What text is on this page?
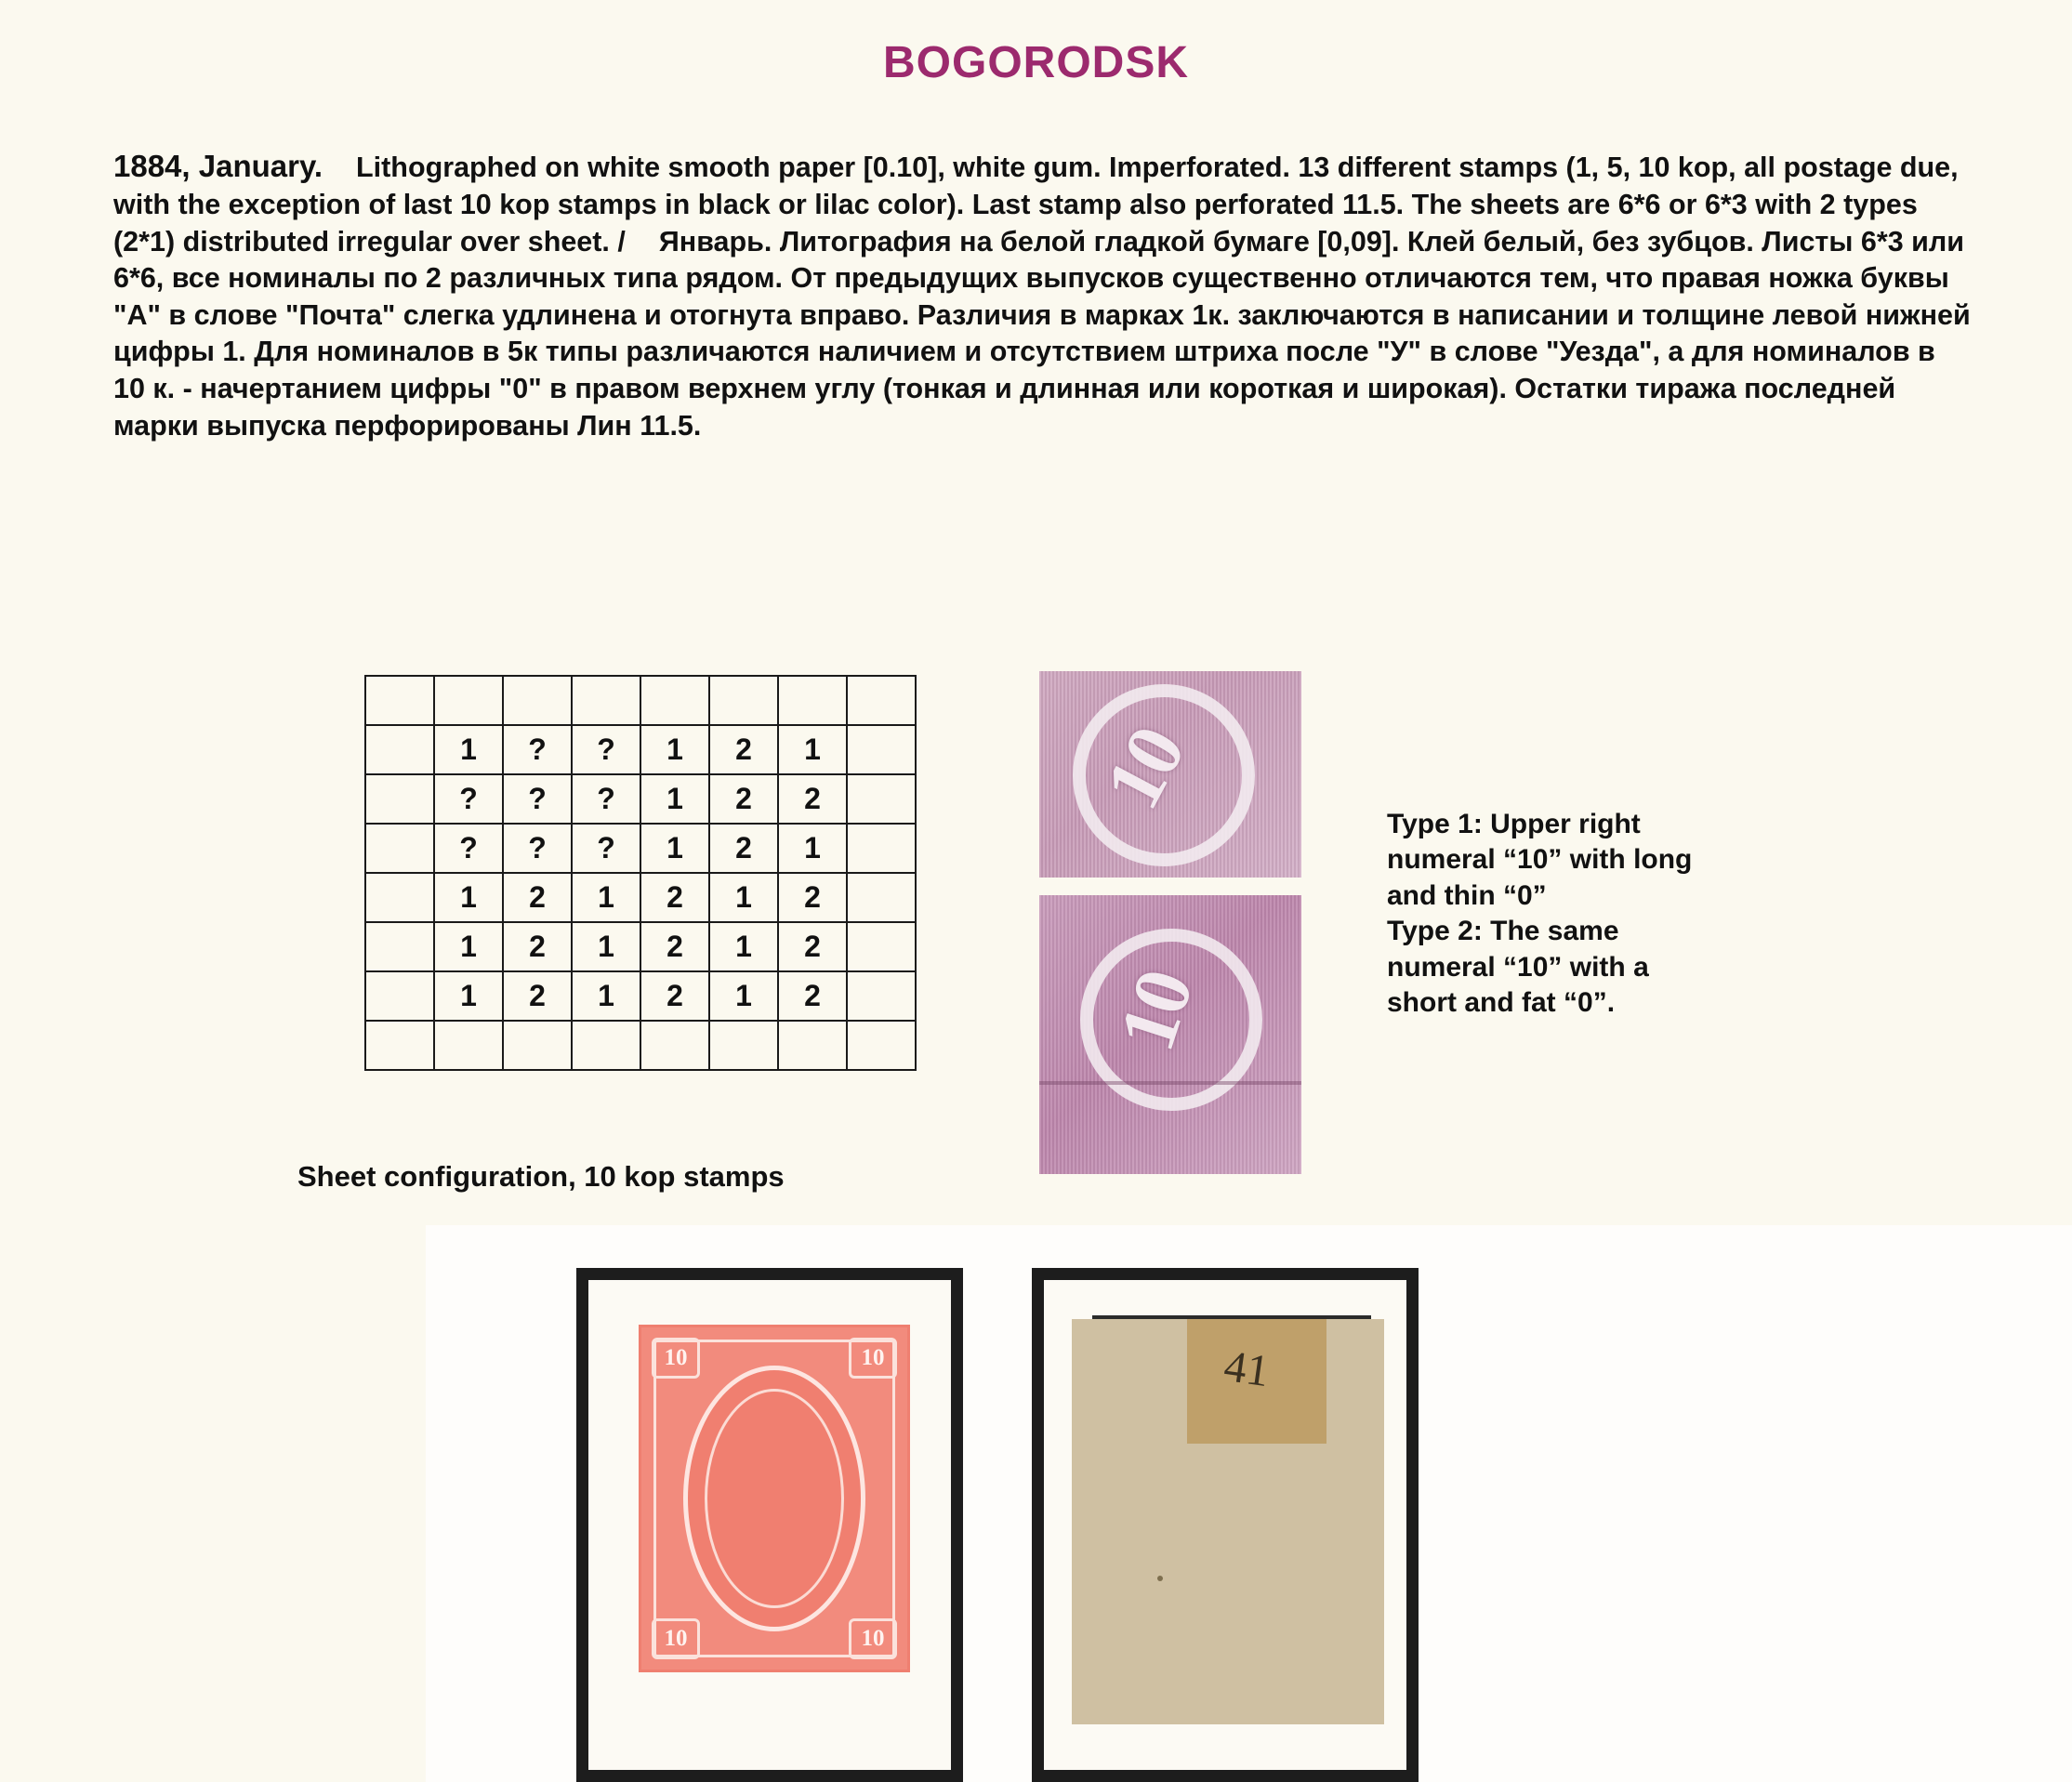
BOGORODSK
1884, January. Lithographed on white smooth paper [0.10], white gum. Imperforated. 13 different stamps (1, 5, 10 kop, all postage due, with the exception of last 10 kop stamps in black or lilac color). Last stamp also perforated 11.5. The sheets are 6*6 or 6*3 with 2 types (2*1) distributed irregular over sheet. / Январь. Литография на белой гладкой бумаге [0,09]. Клей белый, без зубцов. Листы 6*3 или 6*6, все номиналы по 2 различных типа рядом. От предыдущих выпусков существенно отличаются тем, что правая ножка буквы "А" в слове "Почта" слегка удлинена и отогнута вправо. Различия в марках 1к. заключаются в написании и толщине левой нижней цифры 1. Для номиналов в 5к типы различаются наличием и отсутствием штриха после "У" в слове "Уезда", а для номиналов в 10 к. - начертанием цифры "0" в правом верхнем углу (тонкая и длинная или короткая и широкая). Остатки тиража последней марки выпуска перфорированы Лин 11.5.

	1	?	?	1	2	1	
	?	?	?	1	2	2	
	?	?	?	1	2	1	
	1	2	1	2	1	2	
	1	2	1	2	1	2	
	1	2	1	2	1	2	

Sheet configuration, 10 kop stamps
10
10
Type 1: Upper right
numeral “10” with long
and thin “0”
Type 2: The same
numeral “10” with a
short and fat “0”.
10	10
10	10
41
